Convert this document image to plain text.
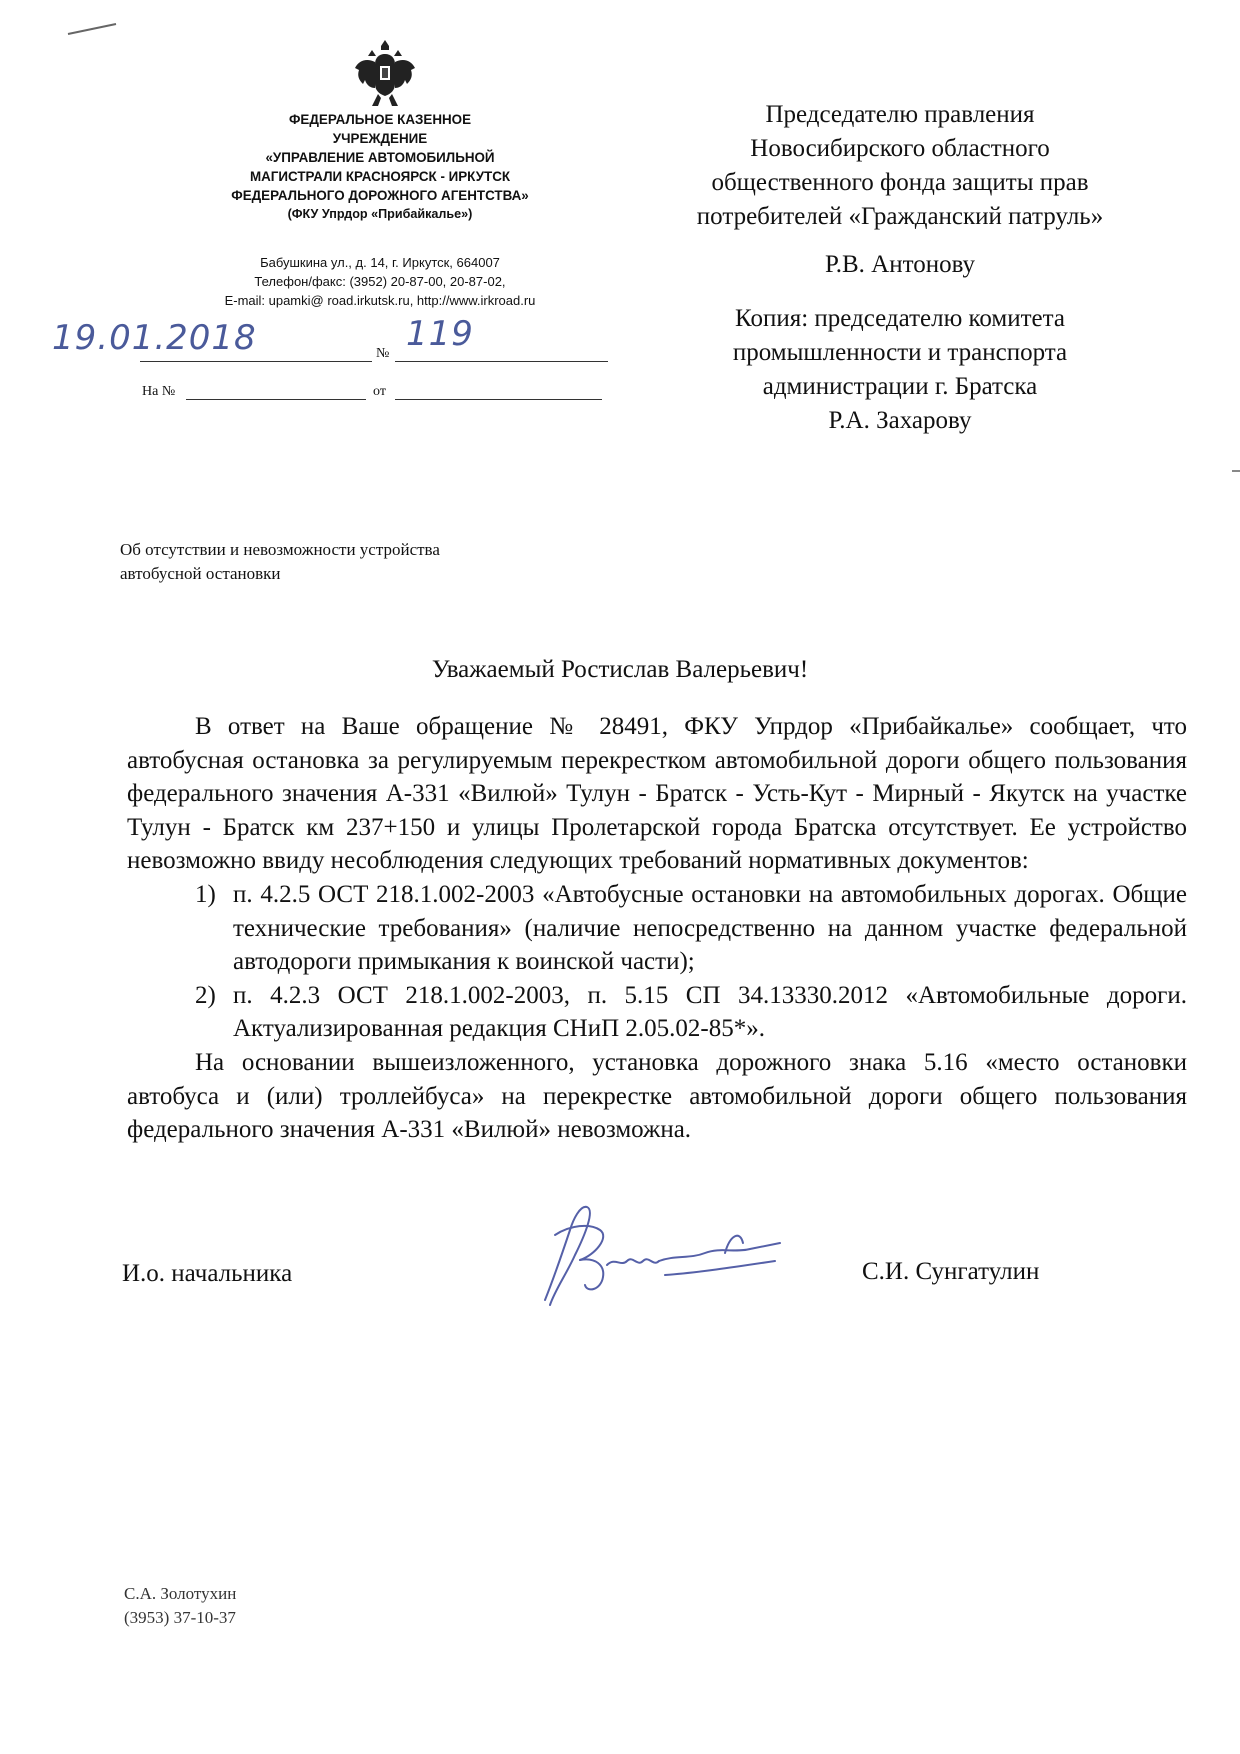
ФЕДЕРАЛЬНОЕ КАЗЕННОЕ
УЧРЕЖДЕНИЕ
«УПРАВЛЕНИЕ АВТОМОБИЛЬНОЙ
МАГИСТРАЛИ КРАСНОЯРСК - ИРКУТСК
ФЕДЕРАЛЬНОГО ДОРОЖНОГО АГЕНТСТВА»
(ФКУ Упрдор «Прибайкалье»)
Бабушкина ул., д. 14, г. Иркутск, 664007
Телефон/факс: (3952) 20-87-00, 20-87-02,
E-mail: upamki@ road.irkutsk.ru, http://www.irkroad.ru
19.01.2018	№ 119
На №	от
Председателю правления
Новосибирского областного
общественного фонда защиты прав
потребителей «Гражданский патруль»
Р.В. Антонову
Копия: председателю комитета
промышленности и транспорта
администрации г. Братска
Р.А. Захарову
Об отсутствии и невозможности устройства
автобусной остановки
Уважаемый Ростислав Валерьевич!

В ответ на Ваше обращение № 28491, ФКУ Упрдор «Прибайкалье» сообщает, что автобусная остановка за регулируемым перекрестком автомобильной дороги общего пользования федерального значения А-331 «Вилюй» Тулун - Братск - Усть-Кут - Мирный - Якутск на участке Тулун - Братск км 237+150 и улицы Пролетарской города Братска отсутствует. Ее устройство невозможно ввиду несоблюдения следующих требований нормативных документов:

1) п. 4.2.5 ОСТ 218.1.002-2003 «Автобусные остановки на автомобильных дорогах. Общие технические требования» (наличие непосредственно на данном участке федеральной автодороги примыкания к воинской части);
2) п. 4.2.3 ОСТ 218.1.002-2003, п. 5.15 СП 34.13330.2012 «Автомобильные дороги. Актуализированная редакция СНиП 2.05.02-85*».

На основании вышеизложенного, установка дорожного знака 5.16 «место остановки автобуса и (или) троллейбуса» на перекрестке автомобильной дороги общего пользования федерального значения А-331 «Вилюй» невозможна.

И.о. начальника	С.И. Сунгатулин
С.А. Золотухин
(3953) 37-10-37
